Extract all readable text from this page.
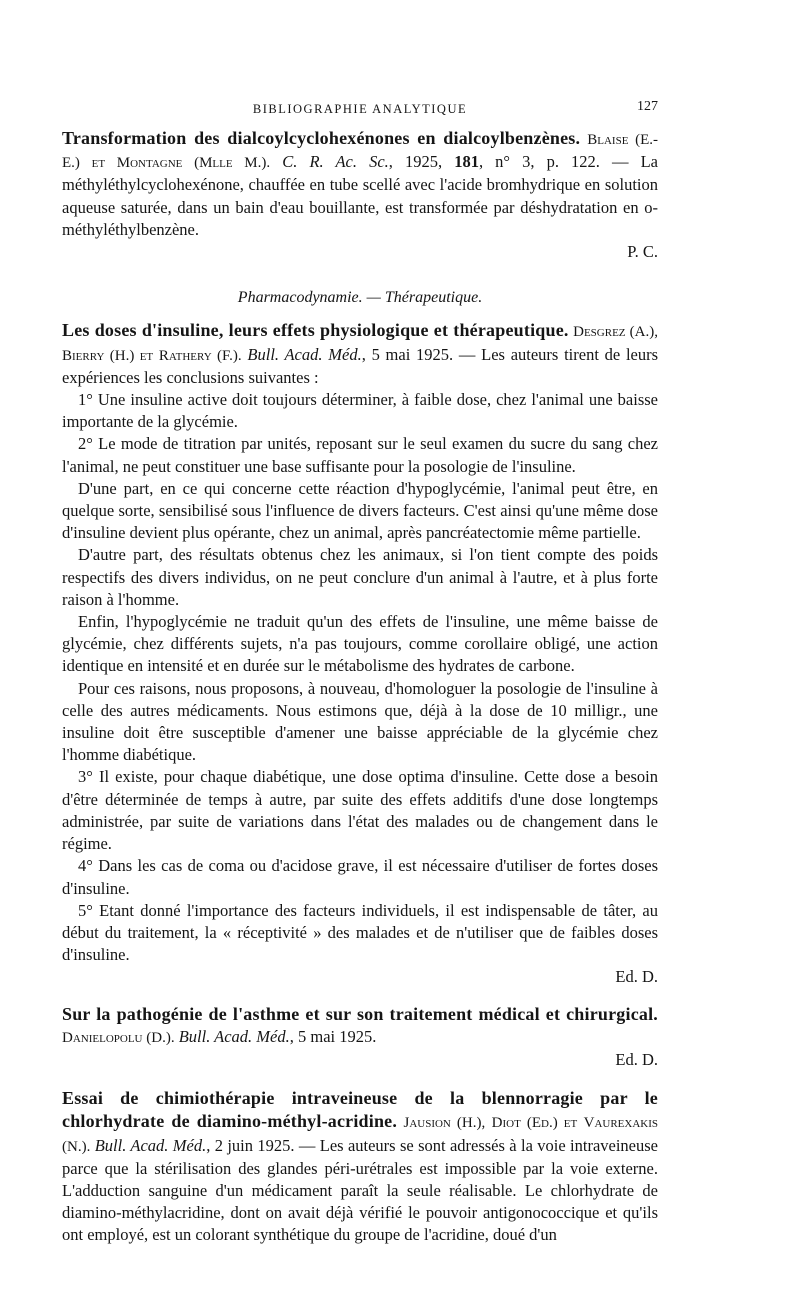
BIBLIOGRAPHIE ANALYTIQUE	127

Transformation des dialcoylcyclohexénones en dialcoylbenzènes. Blaise (E.-E.) et Montagne (Mlle M.). C. R. Ac. Sc., 1925, 181, n° 3, p. 122. — La méthyléthylcyclohexénone, chauffée en tube scellé avec l'acide bromhydrique en solution aqueuse saturée, dans un bain d'eau bouillante, est transformée par déshydratation en o-méthyléthylbenzène.

P. C.

Pharmacodynamie. — Thérapeutique.

Les doses d'insuline, leurs effets physiologique et thérapeutique. Desgrez (A.), Bierry (H.) et Rathery (F.). Bull. Acad. Méd., 5 mai 1925. — Les auteurs tirent de leurs expériences les conclusions suivantes :

1° Une insuline active doit toujours déterminer, à faible dose, chez l'animal une baisse importante de la glycémie.

2° Le mode de titration par unités, reposant sur le seul examen du sucre du sang chez l'animal, ne peut constituer une base suffisante pour la posologie de l'insuline.

D'une part, en ce qui concerne cette réaction d'hypoglycémie, l'animal peut être, en quelque sorte, sensibilisé sous l'influence de divers facteurs. C'est ainsi qu'une même dose d'insuline devient plus opérante, chez un animal, après pancréatectomie même partielle.

D'autre part, des résultats obtenus chez les animaux, si l'on tient compte des poids respectifs des divers individus, on ne peut conclure d'un animal à l'autre, et à plus forte raison à l'homme.

Enfin, l'hypoglycémie ne traduit qu'un des effets de l'insuline, une même baisse de glycémie, chez différents sujets, n'a pas toujours, comme corollaire obligé, une action identique en intensité et en durée sur le métabolisme des hydrates de carbone.

Pour ces raisons, nous proposons, à nouveau, d'homologuer la posologie de l'insuline à celle des autres médicaments. Nous estimons que, déjà à la dose de 10 milligr., une insuline doit être susceptible d'amener une baisse appréciable de la glycémie chez l'homme diabétique.

3° Il existe, pour chaque diabétique, une dose optima d'insuline. Cette dose a besoin d'être déterminée de temps à autre, par suite des effets additifs d'une dose longtemps administrée, par suite de variations dans l'état des malades ou de changement dans le régime.

4° Dans les cas de coma ou d'acidose grave, il est nécessaire d'utiliser de fortes doses d'insuline.

5° Etant donné l'importance des facteurs individuels, il est indispensable de tâter, au début du traitement, la « réceptivité » des malades et de n'utiliser que de faibles doses d'insuline.

Ed. D.

Sur la pathogénie de l'asthme et sur son traitement médical et chirurgical. Danielopolu (D.). Bull. Acad. Méd., 5 mai 1925.

Ed. D.

Essai de chimiothérapie intraveineuse de la blennorragie par le chlorhydrate de diamino-méthyl-acridine. Jausion (H.), Diot (Ed.) et Vaurexakis (N.). Bull. Acad. Méd., 2 juin 1925. — Les auteurs se sont adressés à la voie intraveineuse parce que la stérilisation des glandes péri-urétrales est impossible par la voie externe. L'adduction sanguine d'un médicament paraît la seule réalisable. Le chlorhydrate de diamino-méthylacridine, dont on avait déjà vérifié le pouvoir antigonococcique et qu'ils ont employé, est un colorant synthétique du groupe de l'acridine, doué d'un
